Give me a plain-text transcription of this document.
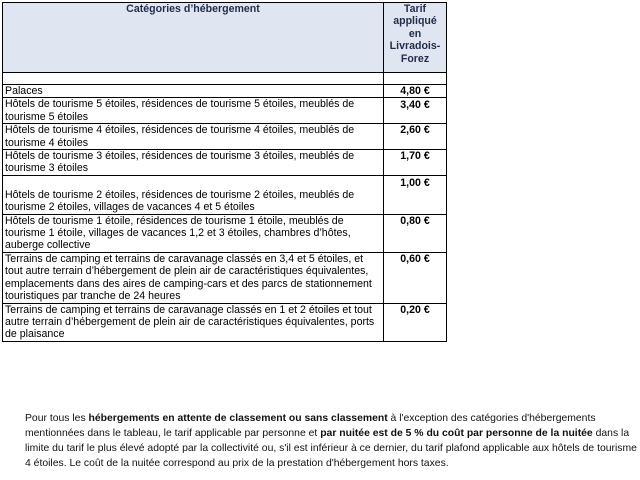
Catégories d’hébergement	Tarif appliqué en Livradois-Forez

Palaces	4,80 €
Hôtels de tourisme 5 étoiles, résidences de tourisme 5 étoiles, meublés de tourisme 5 étoiles	3,40 €
Hôtels de tourisme 4 étoiles, résidences de tourisme 4 étoiles, meublés de tourisme 4 étoiles	2,60 €
Hôtels de tourisme 3 étoiles, résidences de tourisme 3 étoiles, meublés de tourisme 3 étoiles	1,70 €
Hôtels de tourisme 2 étoiles, résidences de tourisme 2 étoiles, meublés de tourisme 2 étoiles, villages de vacances 4 et 5 étoiles	1,00 €
Hôtels de tourisme 1 étoile, résidences de tourisme 1 étoile, meublés de tourisme 1 étoile, villages de vacances 1,2 et 3 étoiles, chambres d’hôtes, auberge collective	0,80 €
Terrains de camping et terrains de caravanage classés en 3,4 et 5 étoiles, et tout autre terrain d’hébergement de plein air de caractéristiques équivalentes, emplacements dans des aires de camping-cars et des parcs de stationnement touristiques par tranche de 24 heures	0,60 €
Terrains de camping et terrains de caravanage classés en 1 et 2 étoiles et tout autre terrain d’hébergement de plein air de caractéristiques équivalentes, ports de plaisance	0,20 €
Pour tous les hébergements en attente de classement ou sans classement à l'exception des catégories d'hébergements mentionnées dans le tableau, le tarif applicable par personne et par nuitée est de 5 % du coût par personne de la nuitée dans la limite du tarif le plus élevé adopté par la collectivité ou, s'il est inférieur à ce dernier, du tarif plafond applicable aux hôtels de tourisme 4 étoiles. Le coût de la nuitée correspond au prix de la prestation d'hébergement hors taxes.
